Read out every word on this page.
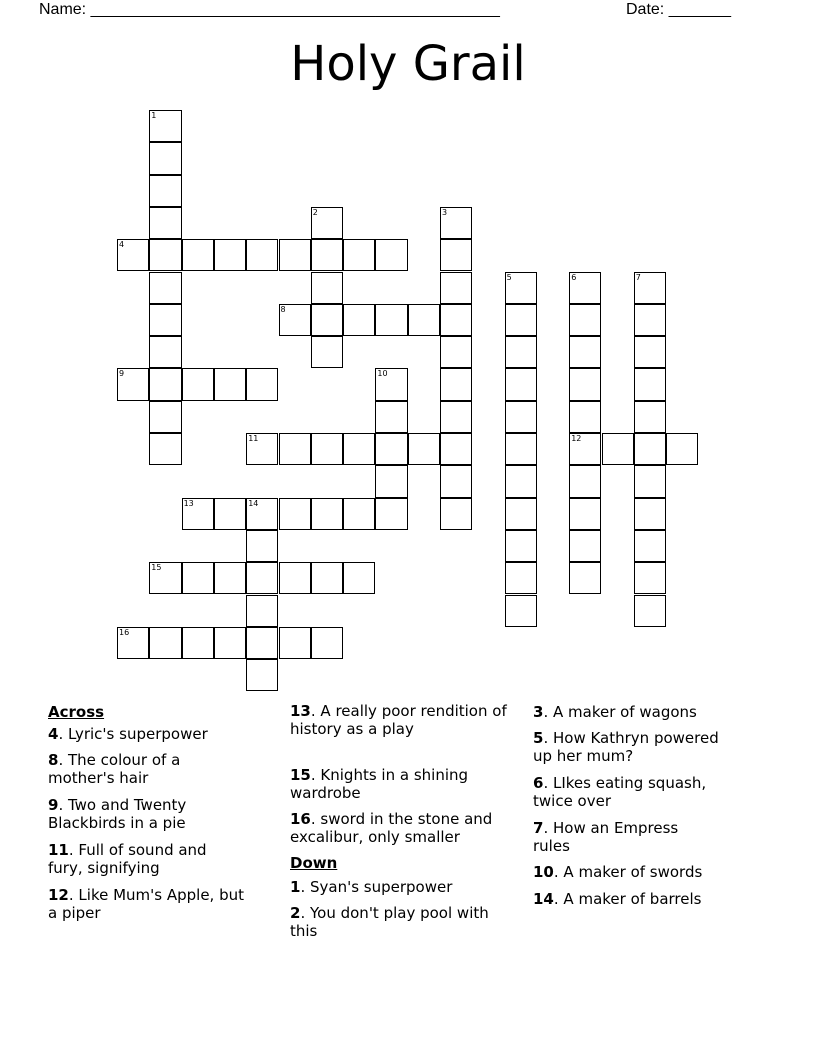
Name: ______________________________________________	Date: _______
Holy Grail
1
2	3
4
5	6
12
7
8
9	10
11
13	14
15
16
Across
4. Lyric's superpower
8. The colour of a mother's hair
9. Two and Twenty Blackbirds in a pie
11. Full of sound and fury, signifying
12. Like Mum's Apple, but a piper
13. A really poor rendition of history as a play
15. Knights in a shining wardrobe
16. sword in the stone and excalibur, only smaller
Down
1. Syan's superpower
2. You don't play pool with this
3. A maker of wagons
5. How Kathryn powered up her mum?
6. LIkes eating squash, twice over
7. How an Empress rules
10. A maker of swords
14. A maker of barrels
